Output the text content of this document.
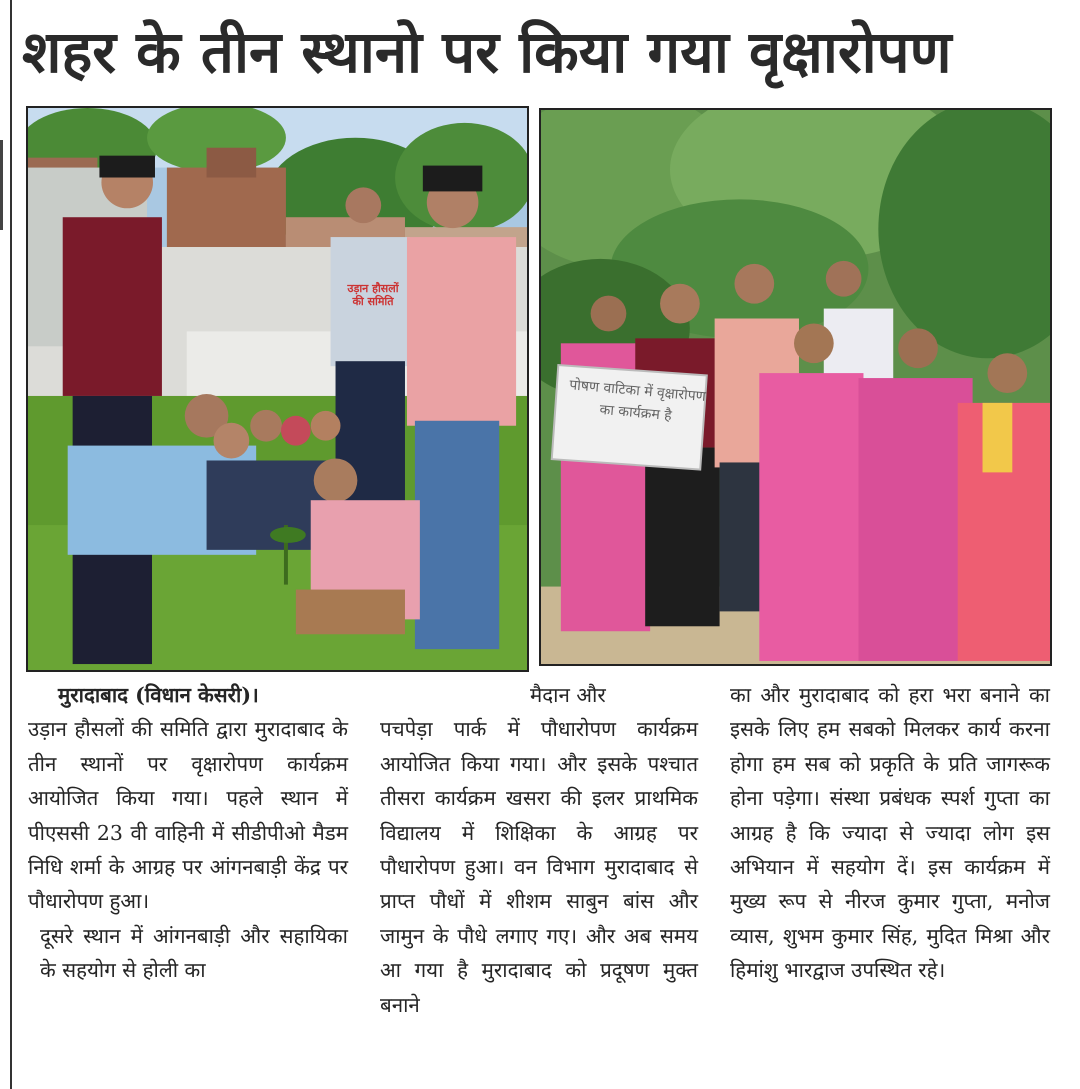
शहर के तीन स्थानो पर किया गया वृक्षारोपण
उड़ान हौसलों की समिति
पोषण वाटिका में वृक्षारोपण का कार्यक्रम है

मुरादाबाद (विधान केसरी)।

उड़ान हौसलों की समिति द्वारा मुरादाबाद के तीन स्थानों पर वृक्षारोपण कार्यक्रम आयोजित किया गया। पहले स्थान में पीएससी 23 वी वाहिनी में सीडीपीओ मैडम निधि शर्मा के आग्रह पर आंगनबाड़ी केंद्र पर पौधारोपण हुआ।

दूसरे स्थान में आंगनबाड़ी और सहायिका के सहयोग से होली का

मैदान और

पचपेड़ा पार्क में पौधारोपण कार्यक्रम आयोजित किया गया। और इसके पश्चात तीसरा कार्यक्रम खसरा की इलर प्राथमिक विद्यालय में शिक्षिका के आग्रह पर पौधारोपण हुआ। वन विभाग मुरादाबाद से प्राप्त पौधों में शीशम साबुन बांस और जामुन के पौधे लगाए गए। और अब समय आ गया है मुरादाबाद को प्रदूषण मुक्त बनाने

का और मुरादाबाद को हरा भरा बनाने का इसके लिए हम सबको मिलकर कार्य करना होगा हम सब को प्रकृति के प्रति जागरूक होना पड़ेगा। संस्था प्रबंधक स्पर्श गुप्ता का आग्रह है कि ज्यादा से ज्यादा लोग इस अभियान में सहयोग दें। इस कार्यक्रम में मुख्य रूप से नीरज कुमार गुप्ता, मनोज व्यास, शुभम कुमार सिंह, मुदित मिश्रा और हिमांशु भारद्वाज उपस्थित रहे।
